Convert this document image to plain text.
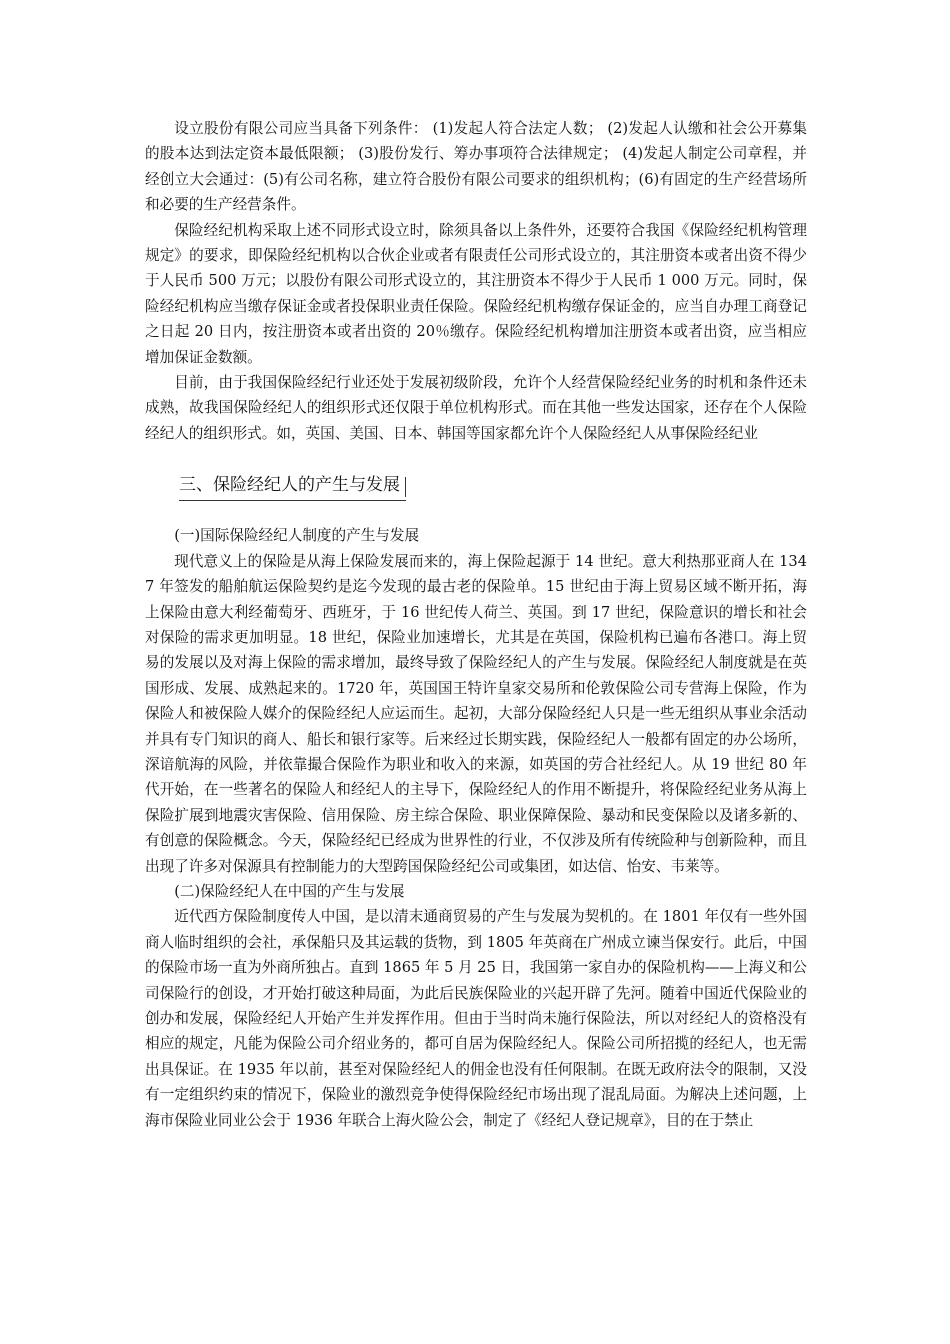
设立股份有限公司应当具备下列条件： (1)发起人符合法定人数； (2)发起人认缴和社会公开募集的股本达到法定资本最低限额； (3)股份发行、筹办事项符合法律规定； (4)发起人制定公司章程，并经创立大会通过：(5)有公司名称，建立符合股份有限公司要求的组织机构；(6)有固定的生产经营场所和必要的生产经营条件。

保险经纪机构采取上述不同形式设立时，除须具备以上条件外，还要符合我国《保险经纪机构管理规定》的要求，即保险经纪机构以合伙企业或者有限责任公司形式设立的，其注册资本或者出资不得少于人民币 500 万元；以股份有限公司形式设立的，其注册资本不得少于人民币 1 000 万元。同时，保险经纪机构应当缴存保证金或者投保职业责任保险。保险经纪机构缴存保证金的，应当自办理工商登记之日起 20 日内，按注册资本或者出资的 20％缴存。保险经纪机构增加注册资本或者出资，应当相应增加保证金数额。

目前，由于我国保险经纪行业还处于发展初级阶段，允许个人经营保险经纪业务的时机和条件还未成熟，故我国保险经纪人的组织形式还仅限于单位机构形式。而在其他一些发达国家，还存在个人保险经纪人的组织形式。如，英国、美国、日本、韩国等国家都允许个人保险经纪人从事保险经纪业

三、保险经纪人的产生与发展

(一)国际保险经纪人制度的产生与发展

现代意义上的保险是从海上保险发展而来的，海上保险起源于 14 世纪。意大利热那亚商人在 1347 年签发的船舶航运保险契约是迄今发现的最古老的保险单。15 世纪由于海上贸易区域不断开拓，海上保险由意大利经葡萄牙、西班牙，于 16 世纪传人荷兰、英国。到 17 世纪，保险意识的增长和社会对保险的需求更加明显。18 世纪，保险业加速增长，尤其是在英国，保险机构已遍布各港口。海上贸易的发展以及对海上保险的需求增加，最终导致了保险经纪人的产生与发展。保险经纪人制度就是在英国形成、发展、成熟起来的。1720 年，英国国王特许皇家交易所和伦敦保险公司专营海上保险，作为保险人和被保险人媒介的保险经纪人应运而生。起初，大部分保险经纪人只是一些无组织从事业余活动并具有专门知识的商人、船长和银行家等。后来经过长期实践，保险经纪人一般都有固定的办公场所，深谙航海的风险，并依靠撮合保险作为职业和收入的来源，如英国的劳合社经纪人。从 19 世纪 80 年代开始，在一些著名的保险人和经纪人的主导下，保险经纪人的作用不断提升，将保险经纪业务从海上保险扩展到地震灾害保险、信用保险、房主综合保险、职业保障保险、暴动和民变保险以及诸多新的、有创意的保险概念。今天，保险经纪已经成为世界性的行业，不仅涉及所有传统险种与创新险种，而且出现了许多对保源具有控制能力的大型跨国保险经纪公司或集团，如达信、怡安、韦莱等。

(二)保险经纪人在中国的产生与发展

近代西方保险制度传人中国，是以清末通商贸易的产生与发展为契机的。在 1801 年仅有一些外国商人临时组织的会社，承保船只及其运载的货物，到 1805 年英商在广州成立谏当保安行。此后，中国的保险市场一直为外商所独占。直到 1865 年 5 月 25 日，我国第一家自办的保险机构——上海义和公司保险行的创设，才开始打破这种局面，为此后民族保险业的兴起开辟了先河。随着中国近代保险业的创办和发展，保险经纪人开始产生并发挥作用。但由于当时尚未施行保险法，所以对经纪人的资格没有相应的规定，凡能为保险公司介绍业务的，都可自居为保险经纪人。保险公司所招揽的经纪人，也无需出具保证。在 1935 年以前，甚至对保险经纪人的佣金也没有任何限制。在既无政府法令的限制，又没有一定组织约束的情况下，保险业的激烈竞争使得保险经纪市场出现了混乱局面。为解决上述问题，上海市保险业同业公会于 1936 年联合上海火险公会，制定了《经纪人登记规章》，目的在于禁止
